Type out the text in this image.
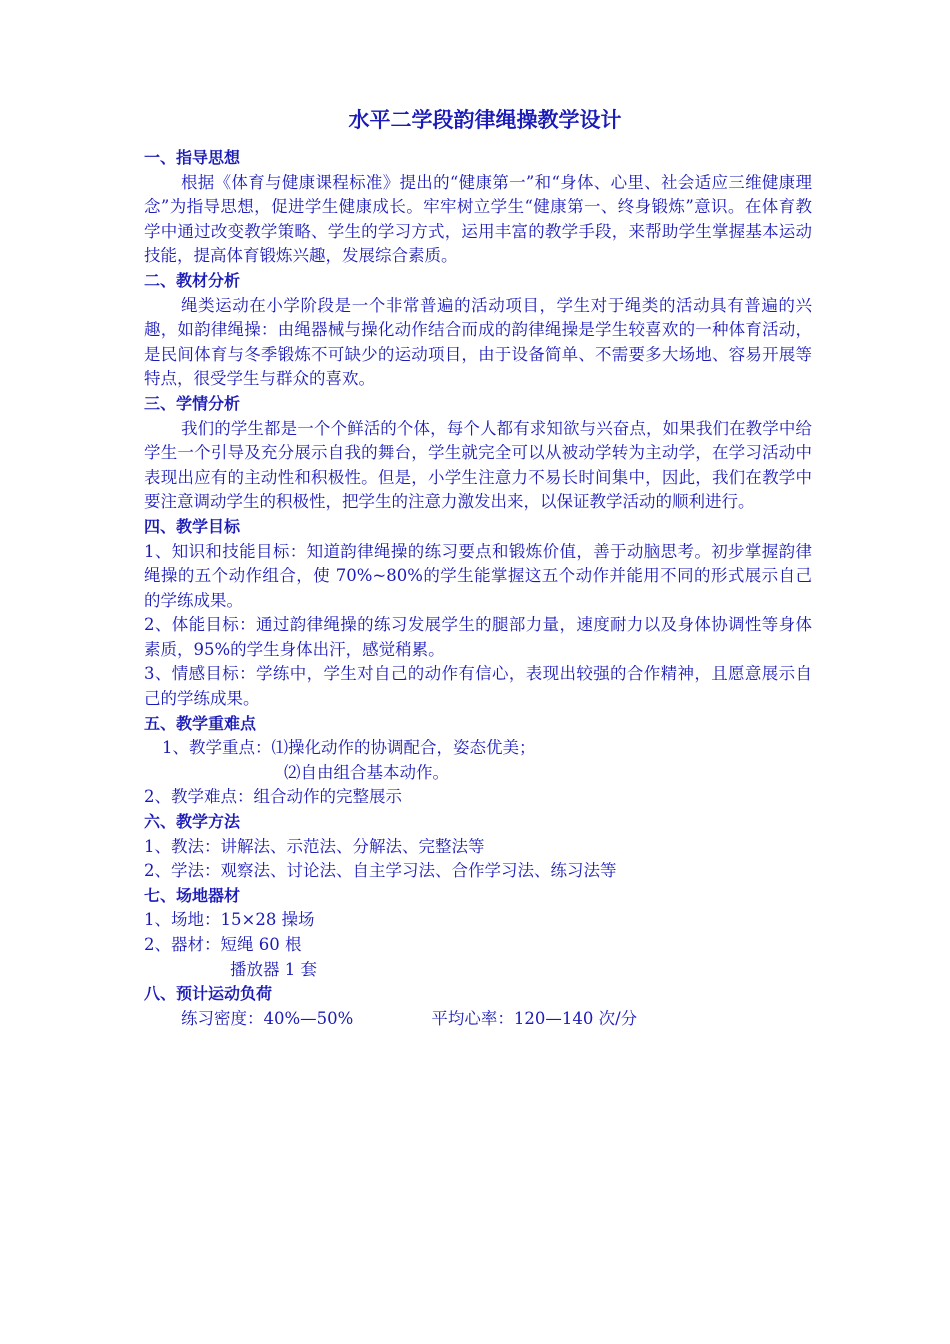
水平二学段韵律绳操教学设计

一、指导思想

根据《体育与健康课程标准》提出的“健康第一”和“身体、心里、社会适应三维健康理念”为指导思想，促进学生健康成长。牢牢树立学生“健康第一、终身锻炼”意识。在体育教学中通过改变教学策略、学生的学习方式，运用丰富的教学手段，来帮助学生掌握基本运动技能，提高体育锻炼兴趣，发展综合素质。

二、教材分析

绳类运动在小学阶段是一个非常普遍的活动项目，学生对于绳类的活动具有普遍的兴趣，如韵律绳操：由绳器械与操化动作结合而成的韵律绳操是学生较喜欢的一种体育活动，是民间体育与冬季锻炼不可缺少的运动项目，由于设备简单、不需要多大场地、容易开展等特点，很受学生与群众的喜欢。

三、学情分析

我们的学生都是一个个鲜活的个体，每个人都有求知欲与兴奋点，如果我们在教学中给学生一个引导及充分展示自我的舞台，学生就完全可以从被动学转为主动学，在学习活动中表现出应有的主动性和积极性。但是，小学生注意力不易长时间集中，因此，我们在教学中要注意调动学生的积极性，把学生的注意力激发出来，以保证教学活动的顺利进行。

四、教学目标

1、知识和技能目标：知道韵律绳操的练习要点和锻炼价值，善于动脑思考。初步掌握韵律绳操的五个动作组合，使 70%~80%的学生能掌握这五个动作并能用不同的形式展示自己的学练成果。

2、体能目标：通过韵律绳操的练习发展学生的腿部力量，速度耐力以及身体协调性等身体素质，95%的学生身体出汗，感觉稍累。

3、情感目标：学练中，学生对自己的动作有信心，表现出较强的合作精神，且愿意展示自己的学练成果。

五、教学重难点

1、教学重点：⑴操化动作的协调配合，姿态优美；

⑵自由组合基本动作。

2、教学难点：组合动作的完整展示

六、教学方法

1、教法：讲解法、示范法、分解法、完整法等

2、学法：观察法、讨论法、自主学习法、合作学习法、练习法等

七、场地器材

1、场地：15×28 操场

2、器材：短绳 60 根

播放器 1 套

八、预计运动负荷

练习密度：40%—50%	平均心率：120—140 次/分
